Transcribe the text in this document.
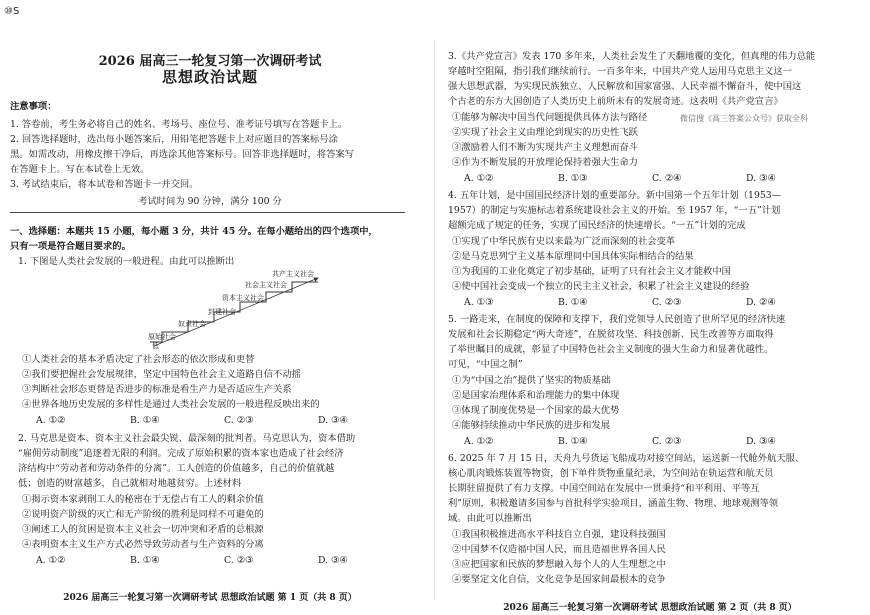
⑩S
2026 届高三一轮复习第一次调研考试
思想政治试题
注意事项：
1. 答卷前，考生务必将自己的姓名、考场号、座位号、准考证号填写在答题卡上。
2. 回答选择题时，选出每小题答案后，用铅笔把答题卡上对应题目的答案标号涂
黑。如需改动，用橡皮擦干净后，再选涂其他答案标号。回答非选择题时，将答案写
在答题卡上。写在本试卷上无效。
3. 考试结束后，将本试卷和答题卡一并交回。
考试时间为 90 分钟，满分 100 分
一、选择题：本题共 15 小题，每小题 3 分，共计 45 分。在每小题给出的四个选项中，
只有一项是符合题目要求的。
1. 下图是人类社会发展的一般进程。由此可以推断出
原始社会
奴隶社会
封建社会
资本主义社会
社会主义社会
共产主义社会
低
①人类社会的基本矛盾决定了社会形态的依次形成和更替
②我们要把握社会发展规律，坚定中国特色社会主义道路自信不动摇
③判断社会形态更替是否进步的标准是看生产力是否适应生产关系
④世界各地历史发展的多样性是通过人类社会发展的一般进程反映出来的
A. ①②	B. ①④	C. ②③	D. ③④
2. 马克思是资本、资本主义社会最尖锐、最深刻的批判者。马克思认为，资本借助
“雇佣劳动制度”追逐着无限的利润。完成了原始积累的资本家也造成了社会经济
济结构中“劳动者和劳动条件的分离”。工人创造的价值越多，自己的价值就越
低；创造的财富越多，自己就相对地越贫穷。上述材料
①揭示资本家剥削工人的秘密在于无偿占有工人的剩余价值
②说明资产阶级的灭亡和无产阶级的胜利是同样不可避免的
③阐述工人的贫困是资本主义社会一切冲突和矛盾的总根源
④表明资本主义生产方式必然导致劳动者与生产资料的分离
A. ①②	B. ①④	C. ②③	D. ③④
2026 届高三一轮复习第一次调研考试 思想政治试题 第 1 页（共 8 页）
3.《共产党宣言》发表 170 多年来，人类社会发生了天翻地覆的变化，但真理的伟力总能
穿越时空阻隔，指引我们继续前行。一百多年来，中国共产党人运用马克思主义这一
强大思想武器，为实现民族独立、人民解放和国家富强、人民幸福不懈奋斗，使中国这
个古老的东方大国创造了人类历史上前所未有的发展奇迹。这表明《共产党宣言》
①能够为解决中国当代问题提供具体方法与路径	微信搜《高三答案公众号》获取全科
②实现了社会主义由理论到现实的历史性飞跃
③激励着人们不断为实现共产主义理想而奋斗
④作为不断发展的开放理论保持着强大生命力
A. ①②	B. ①③	C. ②④	D. ③④
4. 五年计划，是中国国民经济计划的重要部分。新中国第一个五年计划（1953—
1957）的制定与实施标志着系统建设社会主义的开始。至 1957 年，“一五”计划
超额完成了规定的任务，实现了国民经济的快速增长。“一五”计划的完成
①实现了中华民族有史以来最为广泛而深刻的社会变革
②是马克思列宁主义基本原理同中国具体实际相结合的结果
③为我国的工业化奠定了初步基础，证明了只有社会主义才能救中国
④使中国社会变成一个独立的民主主义社会，积累了社会主义建设的经验
A. ①③	B. ①④	C. ②③	D. ②④
5. 一路走来，在制度的保障和支撑下，我们党领导人民创造了世所罕见的经济快速
发展和社会长期稳定“两大奇迹”，在脱贫攻坚、科技创新、民生改善等方面取得
了举世瞩目的成就，彰显了中国特色社会主义制度的强大生命力和显著优越性。
可见，“中国之制”
①为“中国之治”提供了坚实的物质基础
②是国家治理体系和治理能力的集中体现
③体现了制度优势是一个国家的最大优势
④能够持续推动中华民族的进步和发展
A. ①②	B. ①④	C. ②③	D. ③④
6. 2025 年 7 月 15 日，天舟九号货运飞船成功对接空间站，运送新一代舱外航天服、
核心肌肉锻炼装置等物资，创下单件货物重量纪录，为空间站在轨运营和航天员
长期驻留提供了有力支撑。中国空间站在发展中一贯秉持“和平利用、平等互
利”原则，积极邀请多国参与首批科学实验项目，涵盖生物、物理、地球观测等领
域。由此可以推断出
①我国积极推进高水平科技自立自强，建设科技强国
②中国梦不仅造福中国人民，而且造福世界各国人民
③应把国家和民族的梦想融入每个人的人生理想之中
④要坚定文化自信，文化竞争是国家间最根本的竞争
2026 届高三一轮复习第一次调研考试 思想政治试题 第 2 页（共 8 页）
